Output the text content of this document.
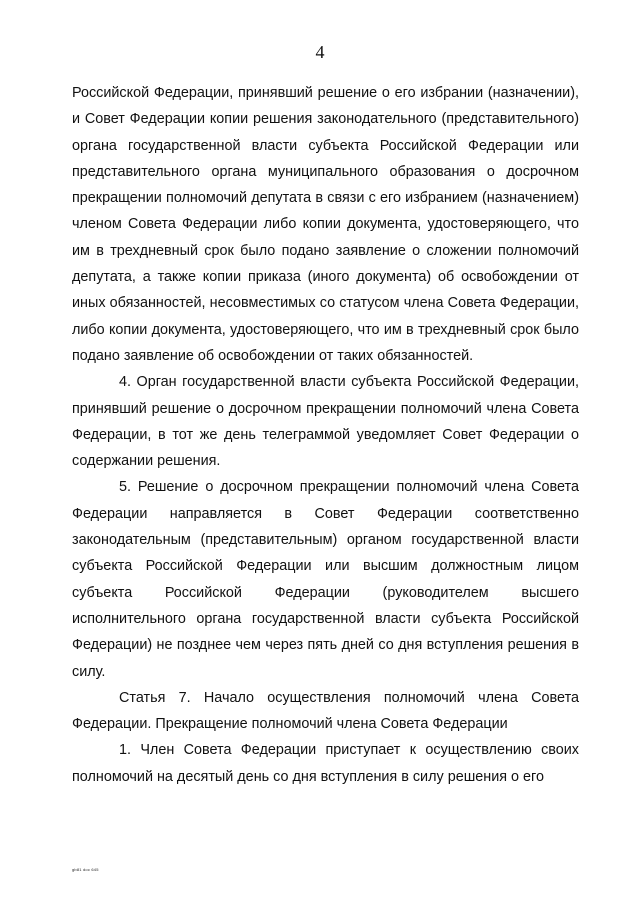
4

Российской Федерации, принявший решение о его избрании (назначении), и Совет Федерации копии решения законодательного (представительного) органа государственной власти субъекта Российской Федерации или представительного органа муниципального образования о досрочном прекращении полномочий депутата в связи с его избранием (назначением) членом Совета Федерации либо копии документа, удостоверяющего, что им в трехдневный срок было подано заявление о сложении полномочий депутата, а также копии приказа (иного документа) об освобождении от иных обязанностей, несовместимых со статусом члена Совета Федерации, либо копии документа, удостоверяющего, что им в трехдневный срок было подано заявление об освобождении от таких обязанностей.

4. Орган государственной власти субъекта Российской Федерации, принявший решение о досрочном прекращении полномочий члена Совета Федерации, в тот же день телеграммой уведомляет Совет Федерации о содержании решения.

5. Решение о досрочном прекращении полномочий члена Совета Федерации направляется в Совет Федерации соответственно законодательным (представительным) органом государственной власти субъекта Российской Федерации или высшим должностным лицом субъекта Российской Федерации (руководителем высшего исполнительного органа государственной власти субъекта Российской Федерации) не позднее чем через пять дней со дня вступления решения в силу.

Статья 7. Начало осуществления полномочий члена Совета Федерации. Прекращение полномочий члена Совета Федерации

1. Член Совета Федерации приступает к осуществлению своих полномочий на десятый день со дня вступления в силу решения о его

gb81 doc 645
